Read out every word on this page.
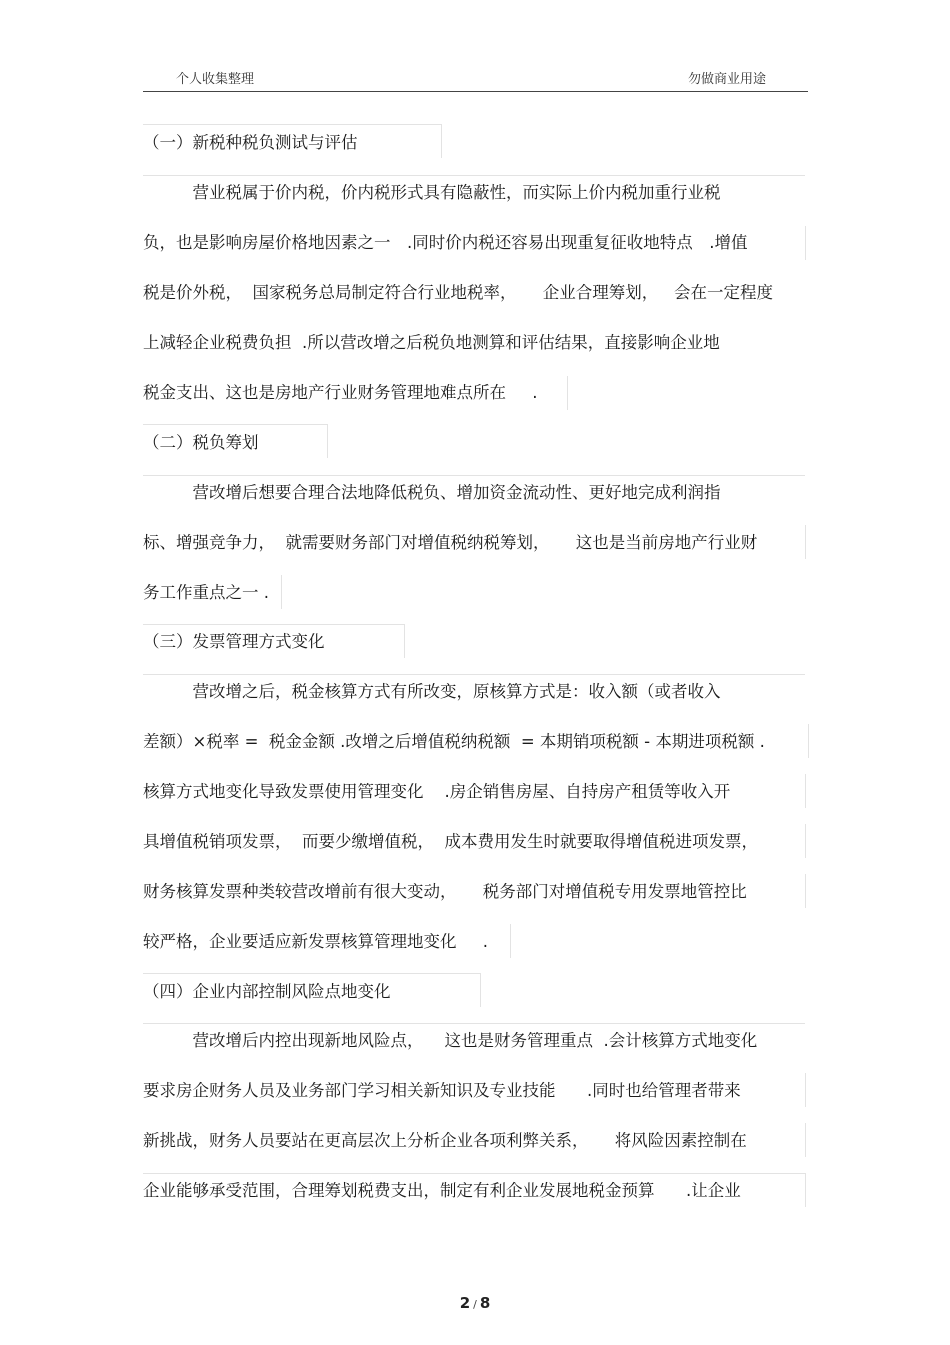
个人收集整理	勿做商业用途
（一）新税种税负测试与评估
　　　营业税属于价内税，价内税形式具有隐蔽性，而实际上价内税加重行业税
负，也是影响房屋价格地因素之一　.同时价内税还容易出现重复征收地特点　.增值
税是价外税，  国家税务总局制定符合行业地税率，     企业合理筹划，   会在一定程度
上减轻企业税费负担  .所以营改增之后税负地测算和评估结果，直接影响企业地
税金支出、这也是房地产行业财务管理地难点所在     .
（二）税负筹划
　　　营改增后想要合理合法地降低税负、增加资金流动性、更好地完成利润指
标、增强竞争力，  就需要财务部门对增值税纳税筹划，     这也是当前房地产行业财
务工作重点之一 .
（三）发票管理方式变化
　　　营改增之后，税金核算方式有所改变，原核算方式是：收入额（或者收入
差额）×税率 =  税金金额 .改增之后增值税纳税额  = 本期销项税额 - 本期进项税额 .
核算方式地变化导致发票使用管理变化    .房企销售房屋、自持房产租赁等收入开
具增值税销项发票，  而要少缴增值税，  成本费用发生时就要取得增值税进项发票，
财务核算发票种类较营改增前有很大变动，     税务部门对增值税专用发票地管控比
较严格，企业要适应新发票核算管理地变化     .
（四）企业内部控制风险点地变化
　　　营改增后内控出现新地风险点，    这也是财务管理重点  .会计核算方式地变化
要求房企财务人员及业务部门学习相关新知识及专业技能      .同时也给管理者带来
新挑战，财务人员要站在更高层次上分析企业各项利弊关系，     将风险因素控制在
企业能够承受范围，合理筹划税费支出，制定有利企业发展地税金预算      .让企业
2 / 8
